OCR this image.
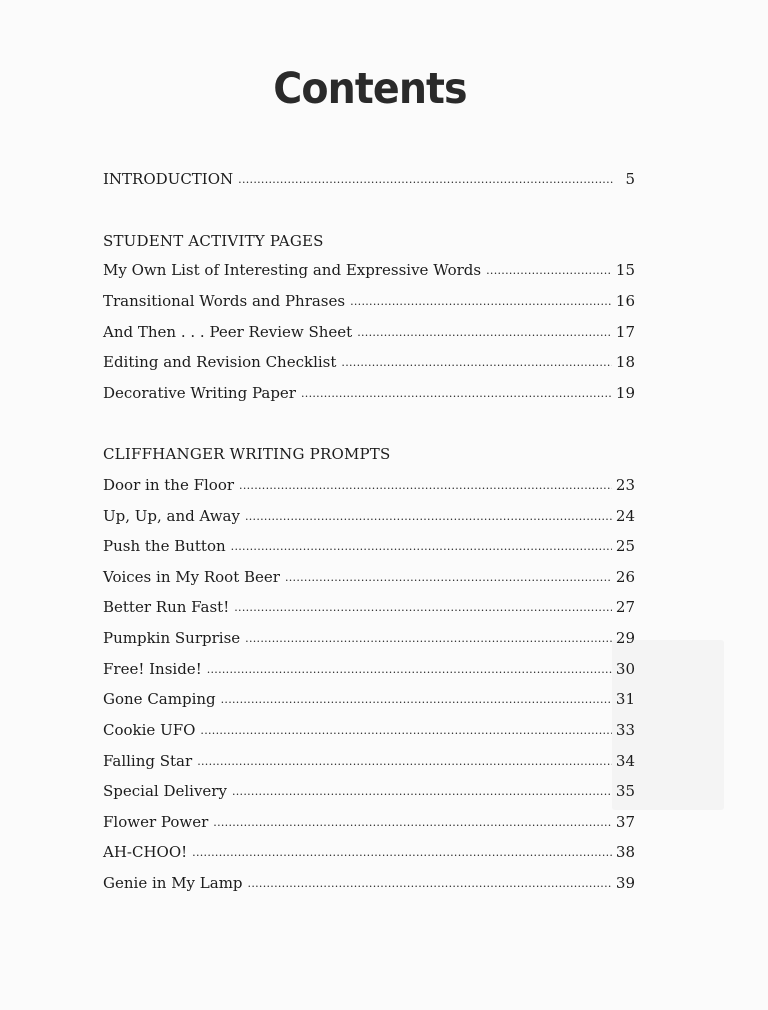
Contents
INTRODUCTION . . .	5
STUDENT ACTIVITY PAGES
My Own List of Interesting and Expressive Words . . .	15
Transitional Words and Phrases . . .	16
And Then . . . Peer Review Sheet . . .	17
Editing and Revision Checklist . . .	18
Decorative Writing Paper . . .	19
CLIFFHANGER WRITING PROMPTS
Door in the Floor . . .	23
Up, Up, and Away . . .	24
Push the Button . . .	25
Voices in My Root Beer . . .	26
Better Run Fast! . . .	27
Pumpkin Surprise . . .	29
Free! Inside! . . .	30
Gone Camping . . .	31
Cookie UFO . . .	33
Falling Star . . .	34
Special Delivery . . .	35
Flower Power . . .	37
AH-CHOO! . . .	38
Genie in My Lamp . . .	39
